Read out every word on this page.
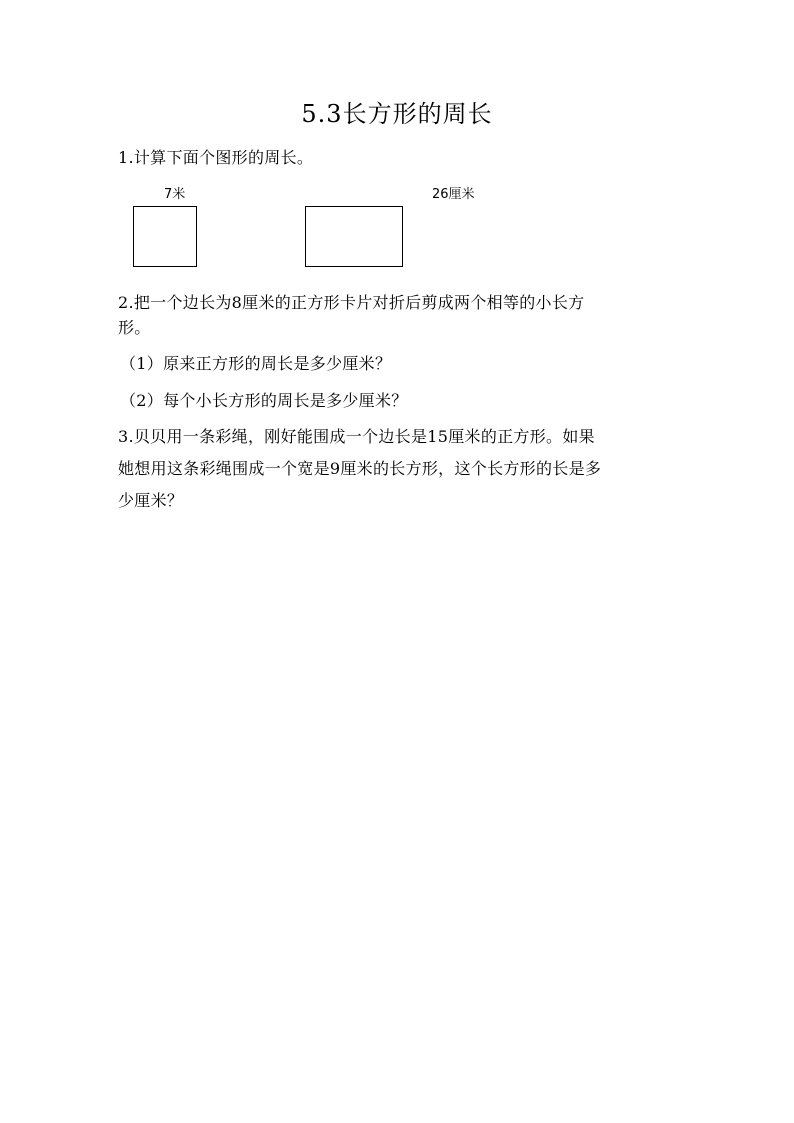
5.3长方形的周长
1.计算下面个图形的周长。
7米	26厘米
2.把一个边长为8厘米的正方形卡片对折后剪成两个相等的小长方
形。
（1）原来正方形的周长是多少厘米？
（2）每个小长方形的周长是多少厘米？
3.贝贝用一条彩绳，刚好能围成一个边长是15厘米的正方形。如果
她想用这条彩绳围成一个宽是9厘米的长方形，这个长方形的长是多
少厘米？
